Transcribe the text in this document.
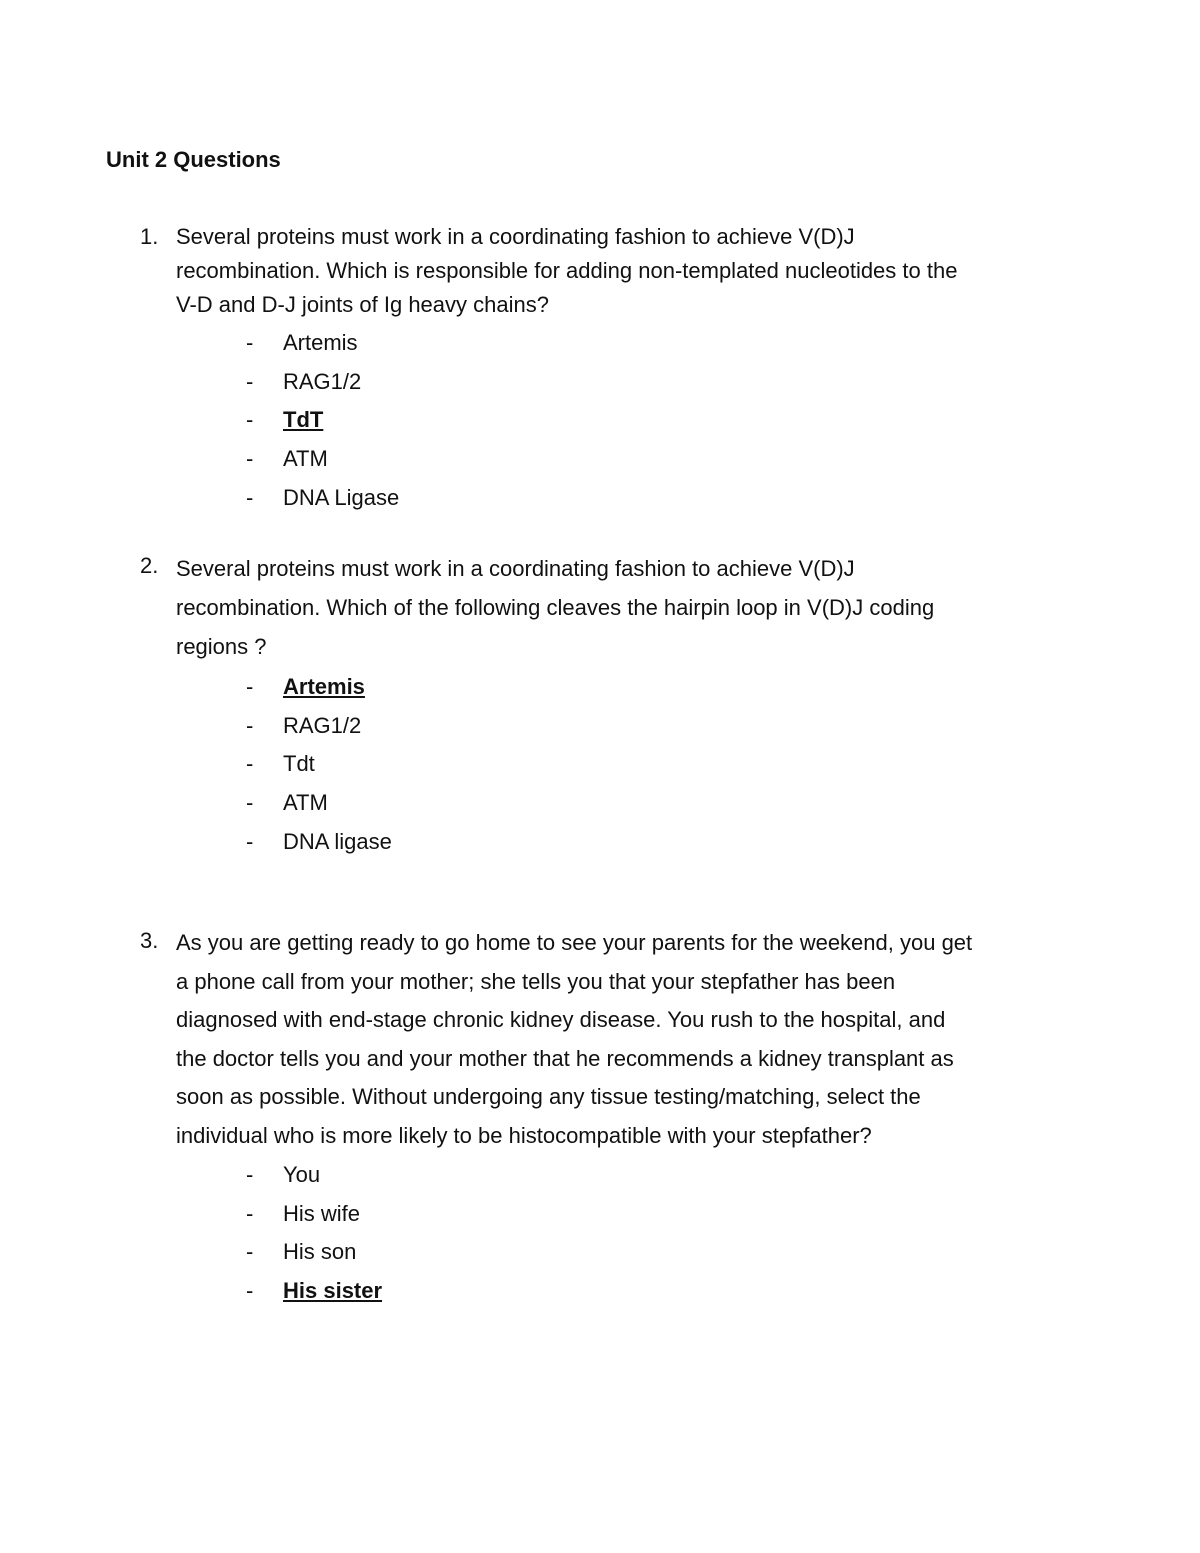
Unit 2 Questions
1. Several proteins must work in a coordinating fashion to achieve V(D)J
recombination. Which is responsible for adding non-templated nucleotides to the
V-D and D-J joints of Ig heavy chains?

- Artemis
- RAG1/2
- TdT
- ATM
- DNA Ligase
2. Several proteins must work in a coordinating fashion to achieve V(D)J
recombination. Which of the following cleaves the hairpin loop in V(D)J coding
regions ?

- Artemis
- RAG1/2
- Tdt
- ATM
- DNA ligase
3. As you are getting ready to go home to see your parents for the weekend, you get
a phone call from your mother; she tells you that your stepfather has been
diagnosed with end-stage chronic kidney disease. You rush to the hospital, and
the doctor tells you and your mother that he recommends a kidney transplant as
soon as possible. Without undergoing any tissue testing/matching, select the
individual who is more likely to be histocompatible with your stepfather?

- You
- His wife
- His son
- His sister
